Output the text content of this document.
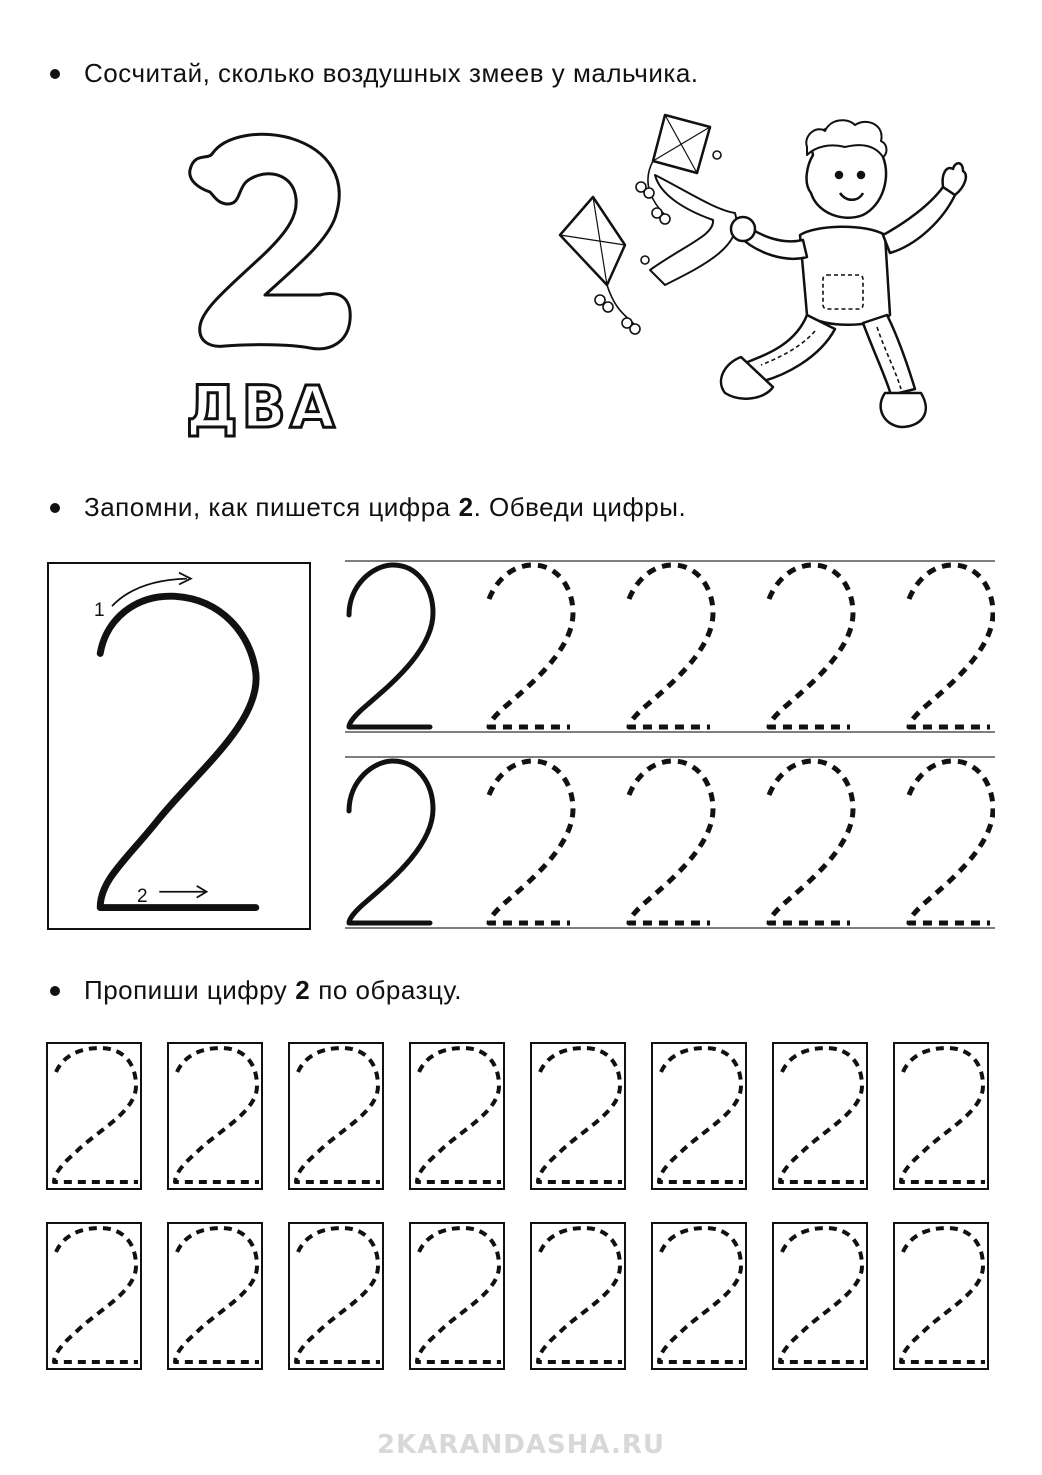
Сосчитай, сколько воздушных змеев у мальчика.
ДВА
Запомни, как пишется цифра 2 . Обведи цифры.
1
2
Пропиши цифру 2 по образцу.
2KARANDASHA.RU
